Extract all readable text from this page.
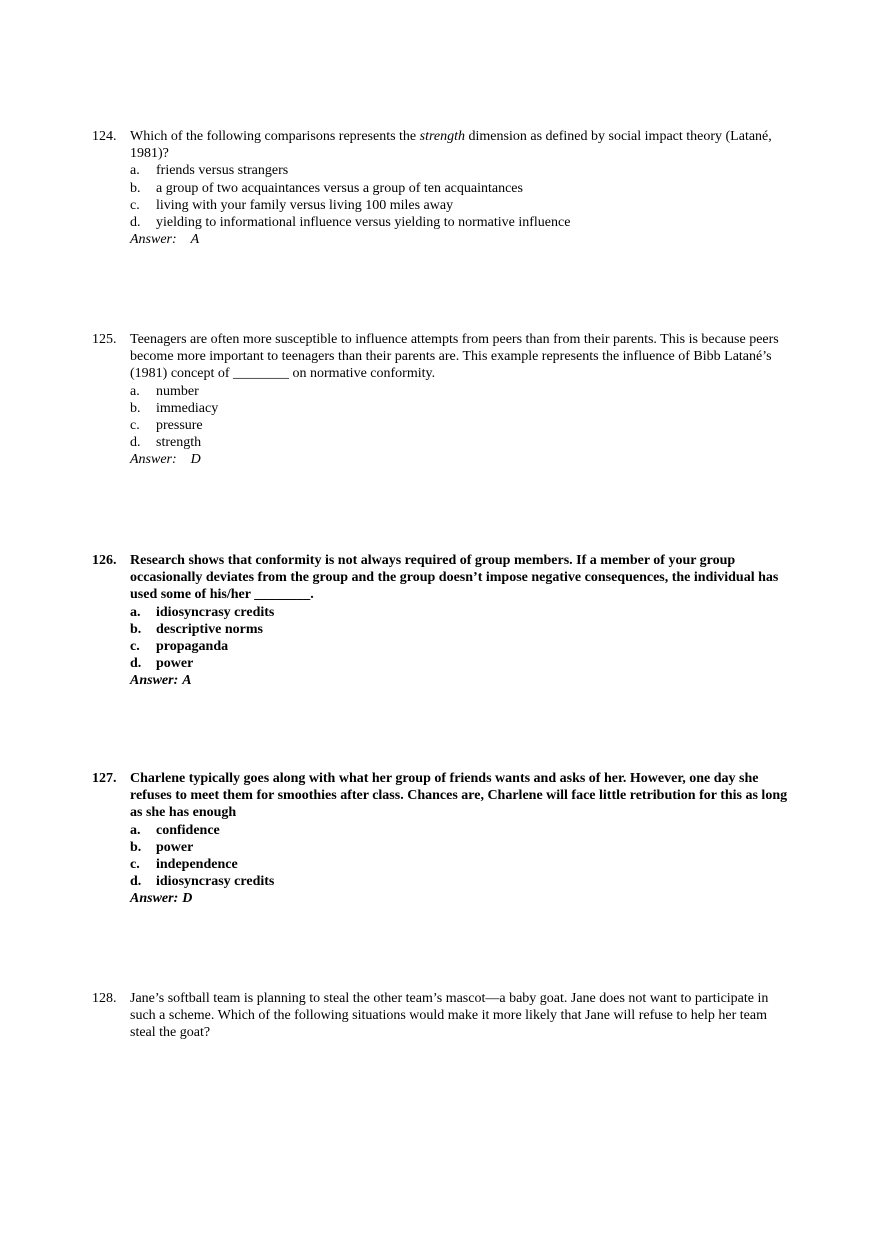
124. Which of the following comparisons represents the strength dimension as defined by social impact theory (Latané, 1981)?
a. friends versus strangers
b. a group of two acquaintances versus a group of ten acquaintances
c. living with your family versus living 100 miles away
d. yielding to informational influence versus yielding to normative influence
Answer: A
125. Teenagers are often more susceptible to influence attempts from peers than from their parents. This is because peers become more important to teenagers than their parents are. This example represents the influence of Bibb Latané’s (1981) concept of ________ on normative conformity.
a. number
b. immediacy
c. pressure
d. strength
Answer: D
126. Research shows that conformity is not always required of group members. If a member of your group occasionally deviates from the group and the group doesn’t impose negative consequences, the individual has used some of his/her ________.
a. idiosyncrasy credits
b. descriptive norms
c. propaganda
d. power
Answer: A
127. Charlene typically goes along with what her group of friends wants and asks of her. However, one day she refuses to meet them for smoothies after class. Chances are, Charlene will face little retribution for this as long as she has enough
a. confidence
b. power
c. independence
d. idiosyncrasy credits
Answer: D
128. Jane’s softball team is planning to steal the other team’s mascot—a baby goat. Jane does not want to participate in such a scheme. Which of the following situations would make it more likely that Jane will refuse to help her team steal the goat?
